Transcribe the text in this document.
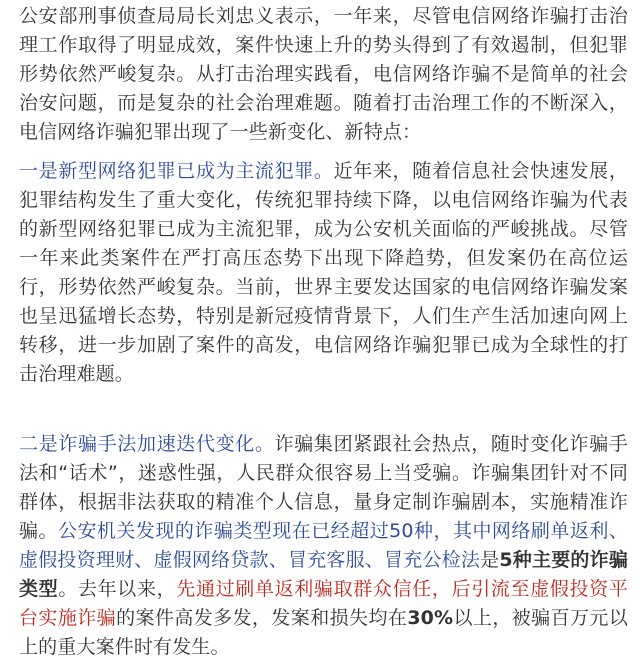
公安部刑事侦查局局长刘忠义表示，一年来，尽管电信网络诈骗打击治理工作取得了明显成效，案件快速上升的势头得到了有效遏制，但犯罪形势依然严峻复杂。从打击治理实践看，电信网络诈骗不是简单的社会治安问题，而是复杂的社会治理难题。随着打击治理工作的不断深入，电信网络诈骗犯罪出现了一些新变化、新特点：

一是新型网络犯罪已成为主流犯罪。近年来，随着信息社会快速发展，犯罪结构发生了重大变化，传统犯罪持续下降，以电信网络诈骗为代表的新型网络犯罪已成为主流犯罪，成为公安机关面临的严峻挑战。尽管一年来此类案件在严打高压态势下出现下降趋势，但发案仍在高位运行，形势依然严峻复杂。当前，世界主要发达国家的电信网络诈骗发案也呈迅猛增长态势，特别是新冠疫情背景下，人们生产生活加速向网上转移，进一步加剧了案件的高发，电信网络诈骗犯罪已成为全球性的打击治理难题。

二是诈骗手法加速迭代变化。诈骗集团紧跟社会热点，随时变化诈骗手法和“话术”，迷惑性强，人民群众很容易上当受骗。诈骗集团针对不同群体，根据非法获取的精准个人信息，量身定制诈骗剧本，实施精准诈骗。公安机关发现的诈骗类型现在已经超过50种，其中网络刷单返利、虚假投资理财、虚假网络贷款、冒充客服、冒充公检法是5种主要的诈骗类型。去年以来，先通过刷单返利骗取群众信任，后引流至虚假投资平台实施诈骗的案件高发多发，发案和损失均在30%以上，被骗百万元以上的重大案件时有发生。
